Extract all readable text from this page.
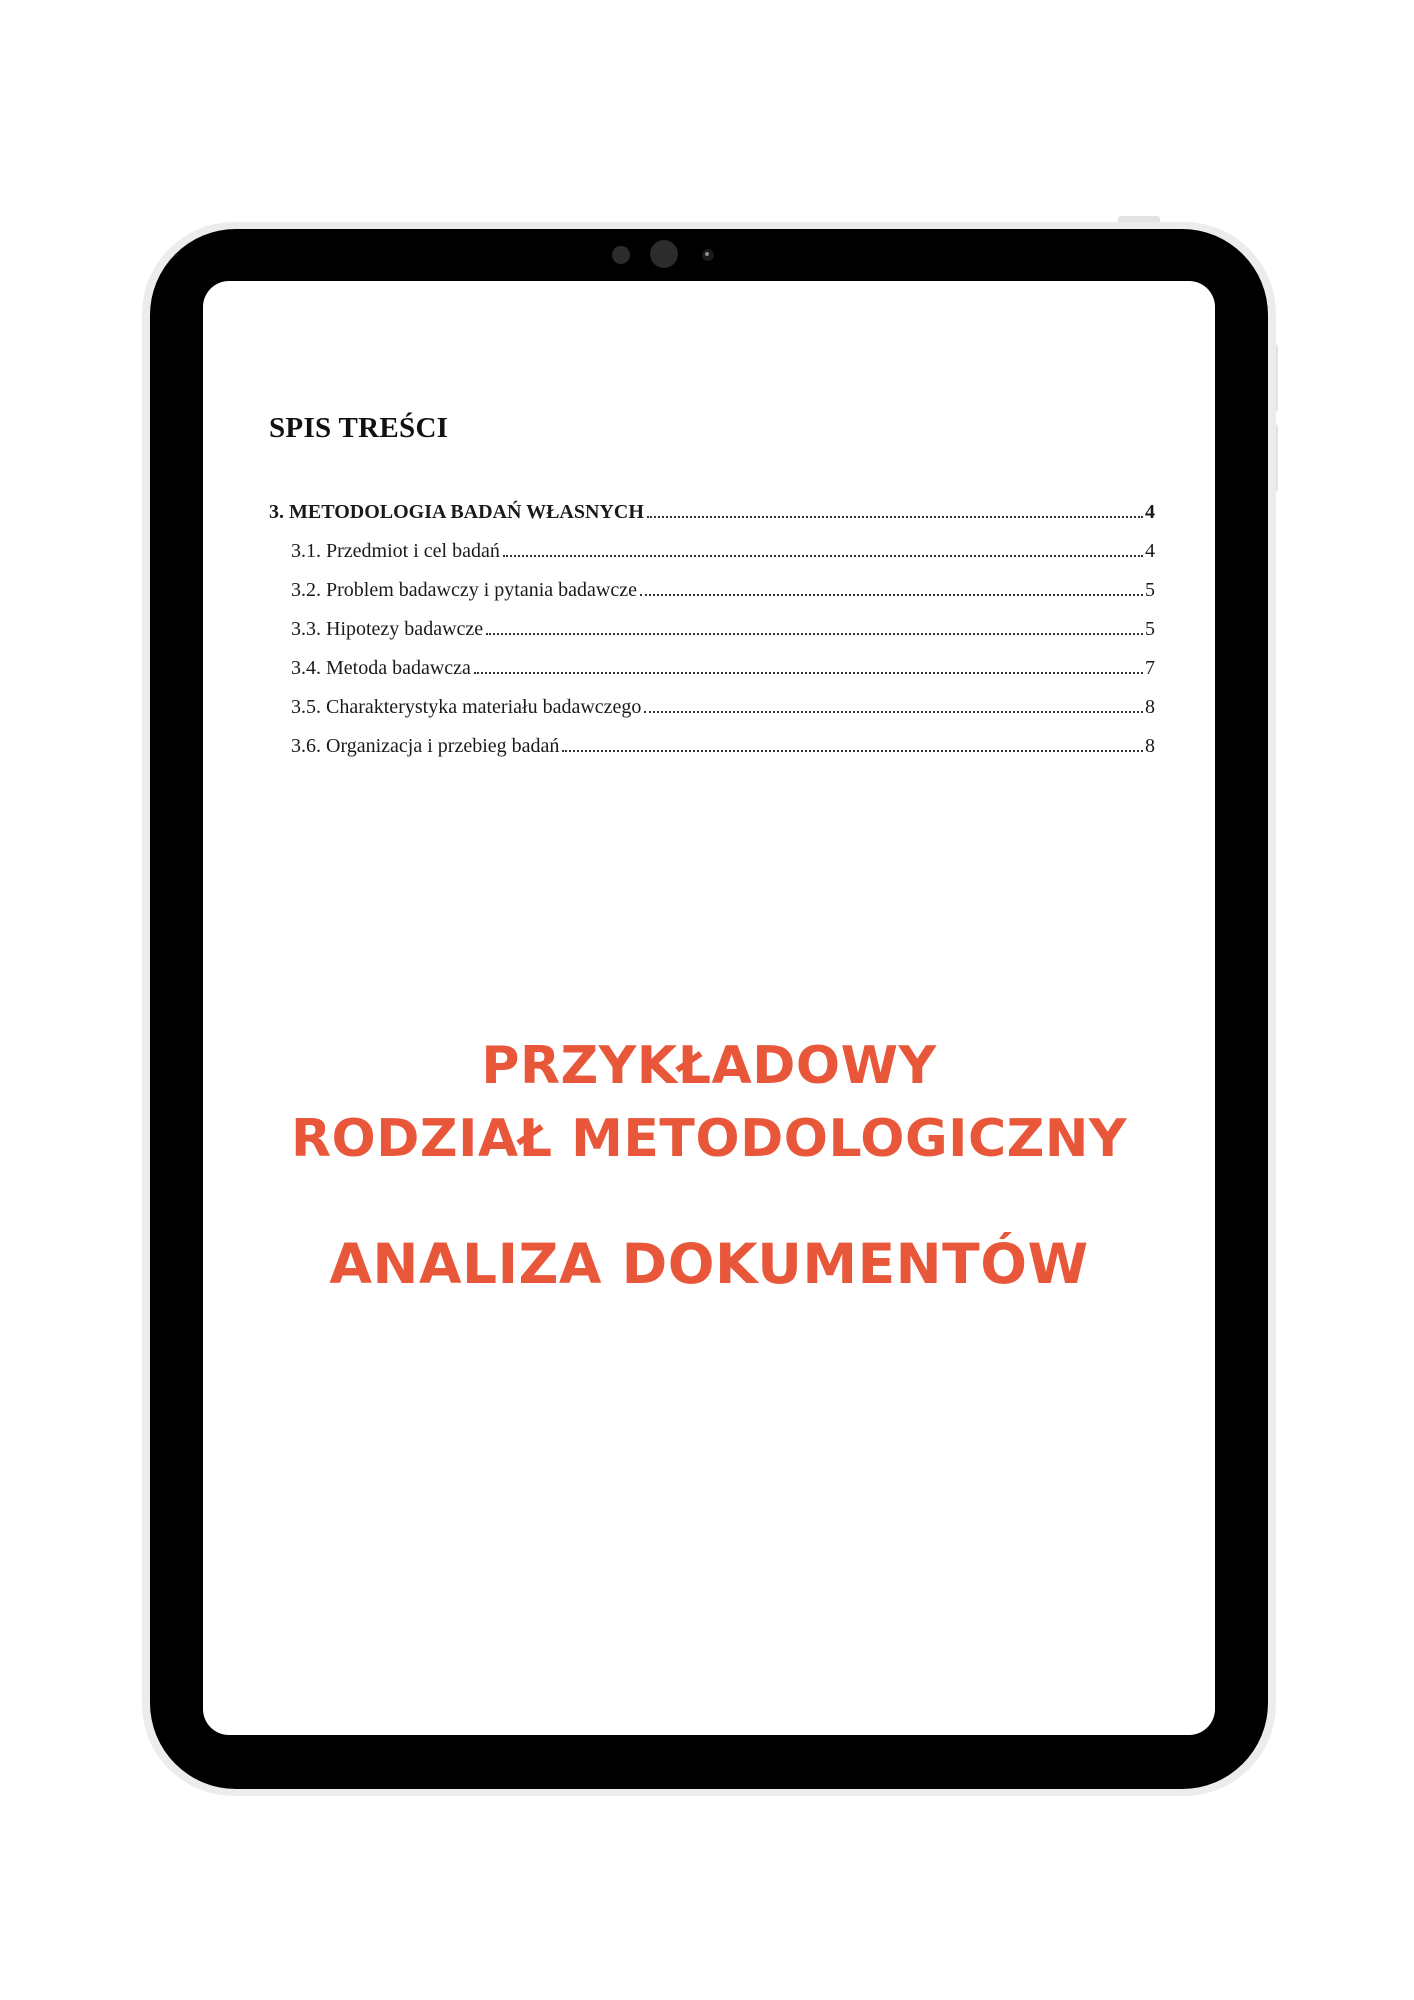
SPIS TREŚCI
3. METODOLOGIA BADAŃ WŁASNYCH	4
3.1. Przedmiot i cel badań	4
3.2. Problem badawczy i pytania badawcze	5
3.3. Hipotezy badawcze	5
3.4. Metoda badawcza	7
3.5. Charakterystyka materiału badawczego	8
3.6. Organizacja i przebieg badań	8

PRZYKŁADOWY

RODZIAŁ METODOLOGICZNY

ANALIZA DOKUMENTÓW
